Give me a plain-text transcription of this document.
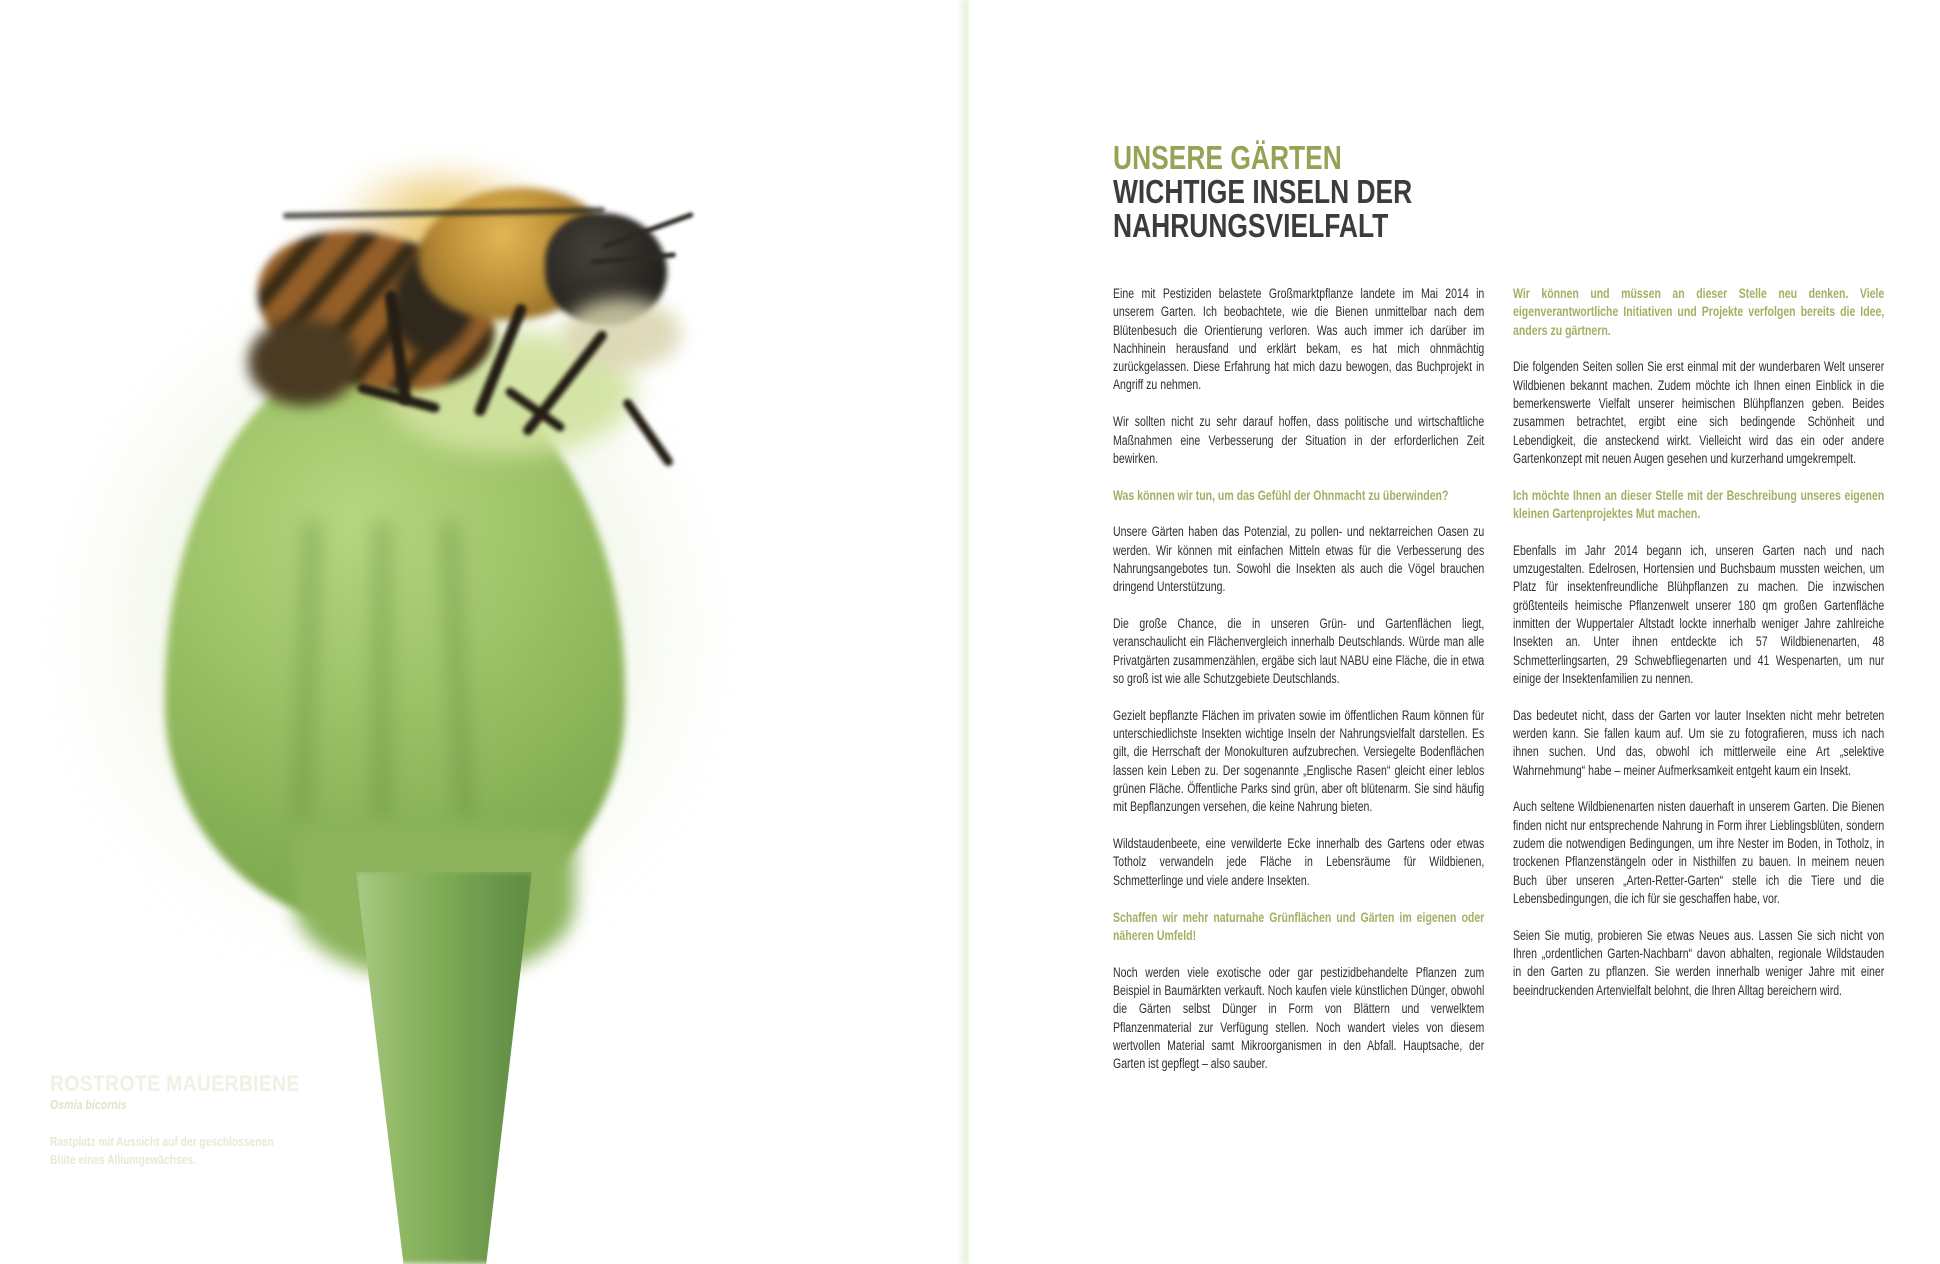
ROSTROTE MAUERBIENE
Osmia bicornis
Rastplatz mit Aussicht auf der geschlossenen Blüte eines Alliumgewächses.
UNSERE GÄRTEN
WICHTIGE INSELN DER
NAHRUNGSVIELFALT

Eine mit Pestiziden belastete Großmarktpflanze landete im Mai 2014 in unserem Garten. Ich beobachtete, wie die Bienen unmittelbar nach dem Blütenbesuch die Orientierung verloren. Was auch immer ich darüber im Nachhinein herausfand und erklärt bekam, es hat mich ohnmächtig zurückgelassen. Diese Erfahrung hat mich dazu bewogen, das Buchprojekt in Angriff zu nehmen.

Wir sollten nicht zu sehr darauf hoffen, dass politische und wirtschaftliche Maßnahmen eine Verbesserung der Situation in der erforderlichen Zeit bewirken.

Was können wir tun, um das Gefühl der Ohnmacht zu überwinden?

Unsere Gärten haben das Potenzial, zu pollen- und nektarreichen Oasen zu werden. Wir können mit einfachen Mitteln etwas für die Verbesserung des Nahrungsangebotes tun. Sowohl die Insekten als auch die Vögel brauchen dringend Unterstützung.

Die große Chance, die in unseren Grün- und Gartenflächen liegt, veranschaulicht ein Flächenvergleich innerhalb Deutschlands. Würde man alle Privatgärten zusammenzählen, ergäbe sich laut NABU eine Fläche, die in etwa so groß ist wie alle Schutzgebiete Deutschlands.

Gezielt bepflanzte Flächen im privaten sowie im öffentlichen Raum können für unterschiedlichste Insekten wichtige Inseln der Nahrungsvielfalt darstellen. Es gilt, die Herrschaft der Monokulturen aufzubrechen. Versiegelte Bodenflächen lassen kein Leben zu. Der sogenannte „Englische Rasen“ gleicht einer leblos grünen Fläche. Öffentliche Parks sind grün, aber oft blütenarm. Sie sind häufig mit Bepflanzungen versehen, die keine Nahrung bieten.

Wildstaudenbeete, eine verwilderte Ecke innerhalb des Gartens oder etwas Totholz verwandeln jede Fläche in Lebensräume für Wildbienen, Schmetterlinge und viele andere Insekten.

Schaffen wir mehr naturnahe Grünflächen und Gärten im eigenen oder näheren Umfeld!

Noch werden viele exotische oder gar pestizidbehandelte Pflanzen zum Beispiel in Baumärkten verkauft. Noch kaufen viele künstlichen Dünger, obwohl die Gärten selbst Dünger in Form von Blättern und verwelktem Pflanzenmaterial zur Verfügung stellen. Noch wandert vieles von diesem wertvollen Material samt Mikroorganismen in den Abfall. Hauptsache, der Garten ist gepflegt – also sauber.

Wir können und müssen an dieser Stelle neu denken. Viele eigenverantwortliche Initiativen und Projekte verfolgen bereits die Idee, anders zu gärtnern.

Die folgenden Seiten sollen Sie erst einmal mit der wunderbaren Welt unserer Wildbienen bekannt machen. Zudem möchte ich Ihnen einen Einblick in die bemerkenswerte Vielfalt unserer heimischen Blühpflanzen geben. Beides zusammen betrachtet, ergibt eine sich bedingende Schönheit und Lebendigkeit, die ansteckend wirkt. Vielleicht wird das ein oder andere Gartenkonzept mit neuen Augen gesehen und kurzerhand umgekrempelt.

Ich möchte Ihnen an dieser Stelle mit der Beschreibung unseres eigenen kleinen Gartenprojektes Mut machen.

Ebenfalls im Jahr 2014 begann ich, unseren Garten nach und nach umzugestalten. Edelrosen, Hortensien und Buchsbaum mussten weichen, um Platz für insektenfreundliche Blühpflanzen zu machen. Die inzwischen größtenteils heimische Pflanzenwelt unserer 180 qm großen Gartenfläche inmitten der Wuppertaler Altstadt lockte innerhalb weniger Jahre zahlreiche Insekten an. Unter ihnen entdeckte ich 57 Wildbienenarten, 48 Schmetterlingsarten, 29 Schwebfliegenarten und 41 Wespenarten, um nur einige der Insektenfamilien zu nennen.

Das bedeutet nicht, dass der Garten vor lauter Insekten nicht mehr betreten werden kann. Sie fallen kaum auf. Um sie zu fotografieren, muss ich nach ihnen suchen. Und das, obwohl ich mittlerweile eine Art „selektive Wahrnehmung“ habe – meiner Aufmerksamkeit entgeht kaum ein Insekt.

Auch seltene Wildbienenarten nisten dauerhaft in unserem Garten. Die Bienen finden nicht nur entsprechende Nahrung in Form ihrer Lieblingsblüten, sondern zudem die notwendigen Bedingungen, um ihre Nester im Boden, in Totholz, in trockenen Pflanzenstängeln oder in Nisthilfen zu bauen. In meinem neuen Buch über unseren „Arten-Retter-Garten“ stelle ich die Tiere und die Lebensbedingungen, die ich für sie geschaffen habe, vor.

Seien Sie mutig, probieren Sie etwas Neues aus. Lassen Sie sich nicht von Ihren „ordentlichen Garten-Nachbarn“ davon abhalten, regionale Wildstauden in den Garten zu pflanzen. Sie werden innerhalb weniger Jahre mit einer beeindruckenden Artenvielfalt belohnt, die Ihren Alltag bereichern wird.
